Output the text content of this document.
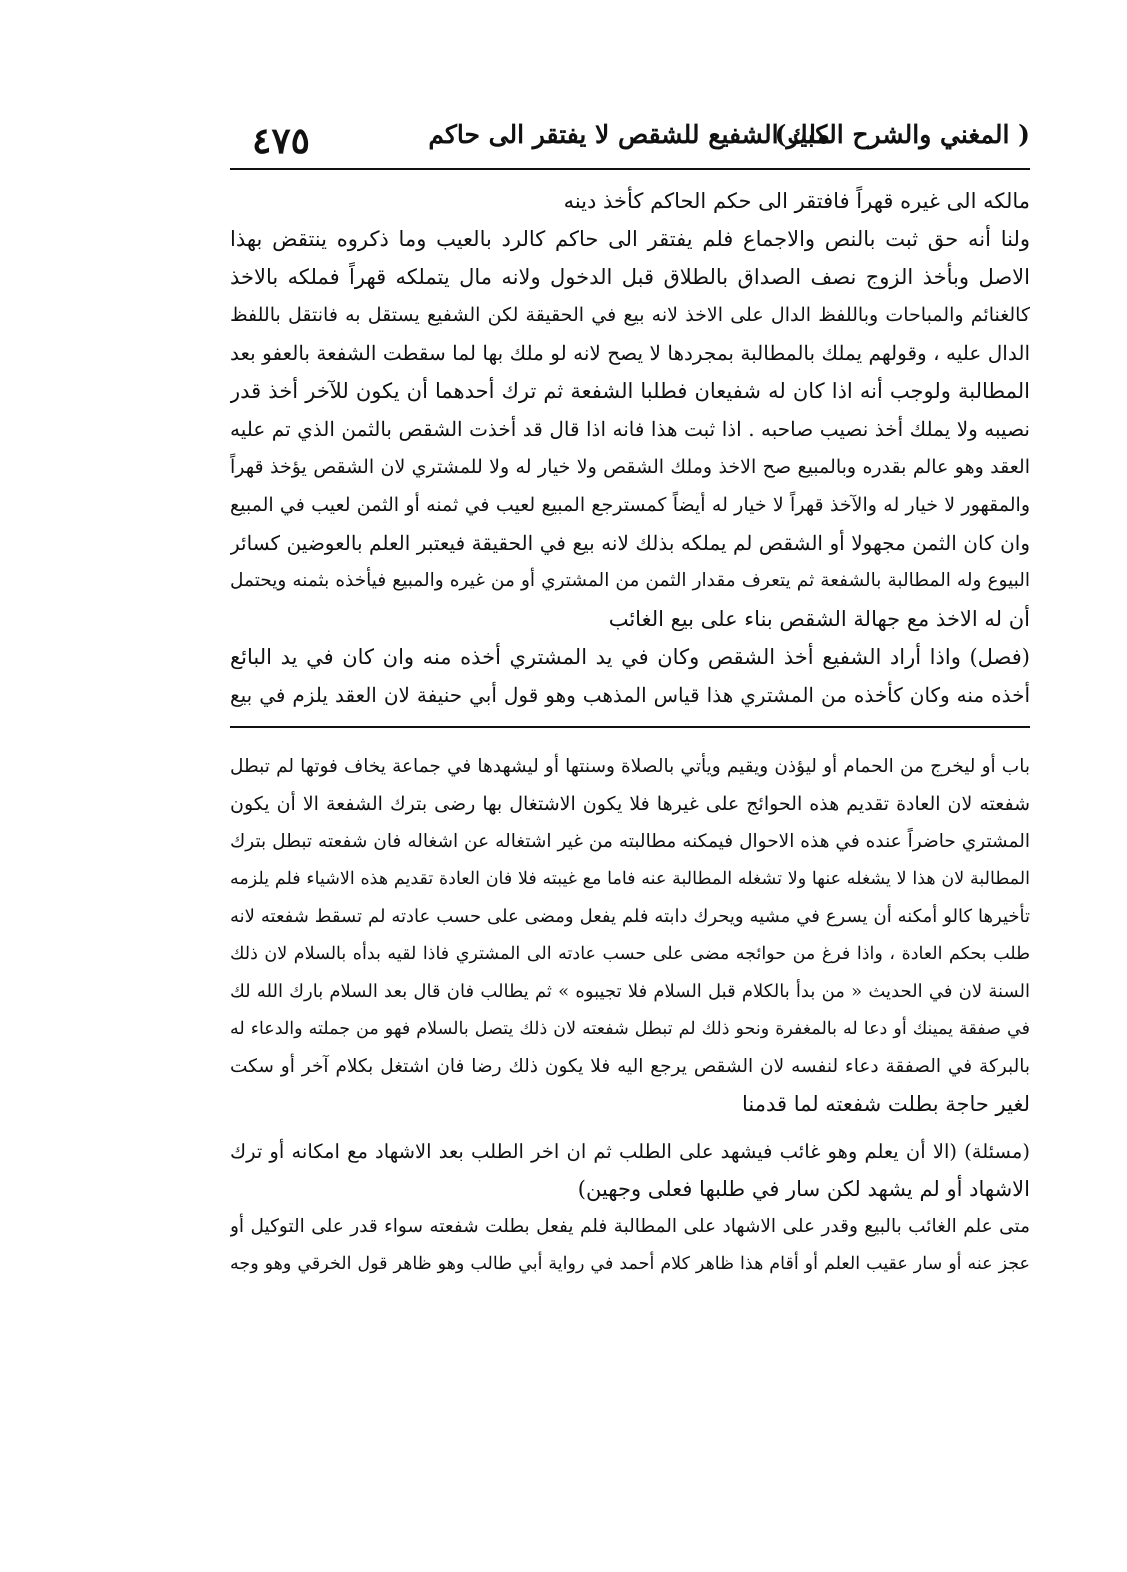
( المغني والشرح الكبير)
ملك الشفيع للشقص لا يفتقر الى حاكم
٤٧٥
مالكه الى غيره قهراً فافتقر الى حكم الحاكم كأخذ دينه
ولنا أنه حق ثبت بالنص والاجماع فلم يفتقر الى حاكم كالرد بالعيب وما ذكروه ينتقض بهذا
الاصل وبأخذ الزوج نصف الصداق بالطلاق قبل الدخول ولانه مال يتملكه قهراً فملكه بالاخذ
كالغنائم والمباحات وباللفظ الدال على الاخذ لانه بيع في الحقيقة لكن الشفيع يستقل به فانتقل باللفظ
الدال عليه ، وقولهم يملك بالمطالبة بمجردها لا يصح لانه لو ملك بها لما سقطت الشفعة بالعفو بعد
المطالبة ولوجب أنه اذا كان له شفيعان فطلبا الشفعة ثم ترك أحدهما أن يكون للآخر أخذ قدر
نصيبه ولا يملك أخذ نصيب صاحبه . اذا ثبت هذا فانه اذا قال قد أخذت الشقص بالثمن الذي تم عليه
العقد وهو عالم بقدره وبالمبيع صح الاخذ وملك الشقص ولا خيار له ولا للمشتري لان الشقص يؤخذ قهراً
والمقهور لا خيار له والآخذ قهراً لا خيار له أيضاً كمسترجع المبيع لعيب في ثمنه أو الثمن لعيب في المبيع
وان كان الثمن مجهولا أو الشقص لم يملكه بذلك لانه بيع في الحقيقة فيعتبر العلم بالعوضين كسائر
البيوع وله المطالبة بالشفعة ثم يتعرف مقدار الثمن من المشتري أو من غيره والمبيع فيأخذه بثمنه ويحتمل
أن له الاخذ مع جهالة الشقص بناء على بيع الغائب
(فصل) واذا أراد الشفيع أخذ الشقص وكان في يد المشتري أخذه منه وان كان في يد البائع
أخذه منه وكان كأخذه من المشتري هذا قياس المذهب وهو قول أبي حنيفة لان العقد يلزم في بيع
باب أو ليخرج من الحمام أو ليؤذن ويقيم ويأتي بالصلاة وسنتها أو ليشهدها في جماعة يخاف فوتها لم تبطل
شفعته لان العادة تقديم هذه الحوائج على غيرها فلا يكون الاشتغال بها رضى بترك الشفعة الا أن يكون
المشتري حاضراً عنده في هذه الاحوال فيمكنه مطالبته من غير اشتغاله عن اشغاله فان شفعته تبطل بترك
المطالبة لان هذا لا يشغله عنها ولا تشغله المطالبة عنه فاما مع غيبته فلا فان العادة تقديم هذه الاشياء فلم يلزمه
تأخيرها كالو أمكنه أن يسرع في مشيه ويحرك دابته فلم يفعل ومضى على حسب عادته لم تسقط شفعته لانه
طلب بحكم العادة ، واذا فرغ من حوائجه مضى على حسب عادته الى المشتري فاذا لقيه بدأه بالسلام لان ذلك
السنة لان في الحديث « من بدأ بالكلام قبل السلام فلا تجيبوه » ثم يطالب فان قال بعد السلام بارك الله لك
في صفقة يمينك أو دعا له بالمغفرة ونحو ذلك لم تبطل شفعته لان ذلك يتصل بالسلام فهو من جملته والدعاء له
بالبركة في الصفقة دعاء لنفسه لان الشقص يرجع اليه فلا يكون ذلك رضا فان اشتغل بكلام آخر أو سكت
لغير حاجة بطلت شفعته لما قدمنا
(مسئلة) (الا أن يعلم وهو غائب فيشهد على الطلب ثم ان اخر الطلب بعد الاشهاد مع امكانه أو ترك
الاشهاد أو لم يشهد لكن سار في طلبها فعلى وجهين)
متى علم الغائب بالبيع وقدر على الاشهاد على المطالبة فلم يفعل بطلت شفعته سواء قدر على التوكيل أو
عجز عنه أو سار عقيب العلم أو أقام هذا ظاهر كلام أحمد في رواية أبي طالب وهو ظاهر قول الخرقي وهو وجه
